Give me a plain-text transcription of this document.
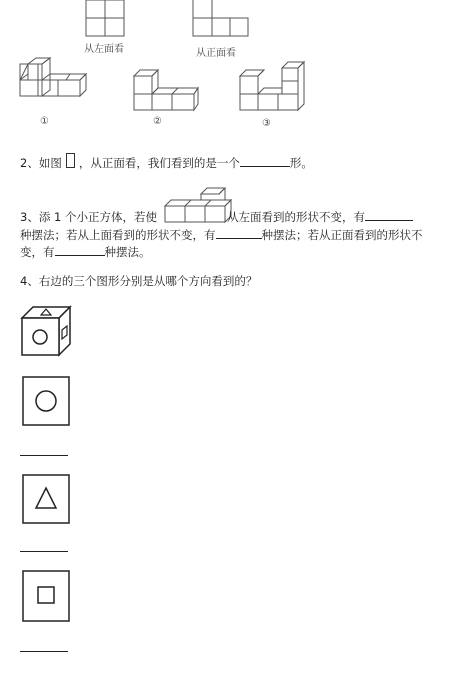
从左面看	从正面看
①	②	③
2、如图 ，从正面看，我们看到的是一个	形。
3、添 1 个小正方体，若使	从左面看到的形状不变，有
种摆法；若从上面看到的形状不变，有	种摆法；若从正面看到的形状不
变，有	种摆法。
4、右边的三个图形分别是从哪个方向看到的？
